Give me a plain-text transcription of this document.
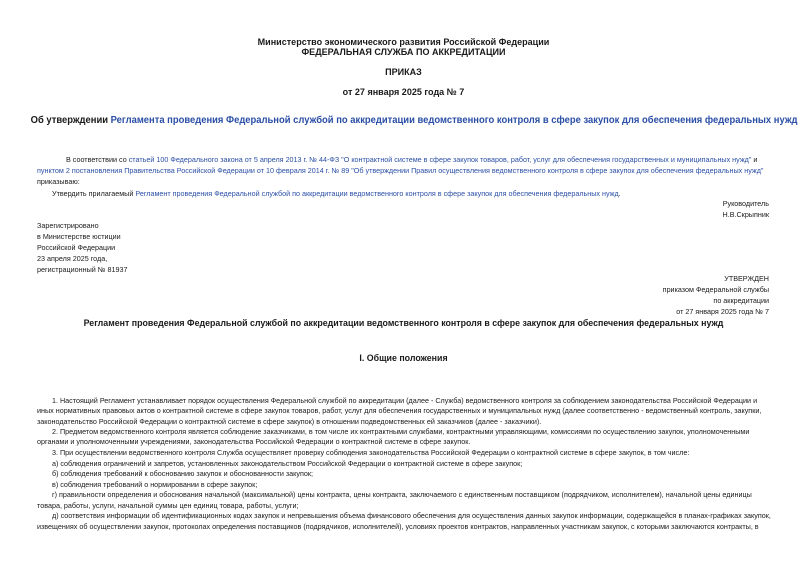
Министерство экономического развития Российской Федерации
ФЕДЕРАЛЬНАЯ СЛУЖБА ПО АККРЕДИТАЦИИ
ПРИКАЗ
от 27 января 2025 года № 7
Об утверждении Регламента проведения Федеральной службой по аккредитации ведомственного контроля в сфере закупок для обеспечения федеральных нужд
В соответствии со статьей 100 Федерального закона от 5 апреля 2013 г. № 44-ФЗ "О контрактной системе в сфере закупок товаров, работ, услуг для обеспечения государственных и муниципальных нужд" и
пунктом 2 постановления Правительства Российской Федерации от 10 февраля 2014 г. № 89 "Об утверждении Правил осуществления ведомственного контроля в сфере закупок для обеспечения федеральных нужд"
приказываю:
Утвердить прилагаемый Регламент проведения Федеральной службой по аккредитации ведомственного контроля в сфере закупок для обеспечения федеральных нужд.
Руководитель
Н.В.Скрыпник
Зарегистрировано
в Министерстве юстиции
Российской Федерации
23 апреля 2025 года,
регистрационный № 81937
УТВЕРЖДЕН
приказом Федеральной службы
по аккредитации
от 27 января 2025 года № 7
Регламент проведения Федеральной службой по аккредитации ведомственного контроля в сфере закупок для обеспечения федеральных нужд
I. Общие положения
1. Настоящий Регламент устанавливает порядок осуществления Федеральной службой по аккредитации (далее - Служба) ведомственного контроля за соблюдением законодательства Российской Федерации и
иных нормативных правовых актов о контрактной системе в сфере закупок товаров, работ, услуг для обеспечения государственных и муниципальных нужд (далее соответственно - ведомственный контроль, закупки,
законодательство Российской Федерации о контрактной системе в сфере закупок) в отношении подведомственных ей заказчиков (далее - заказчики).
2. Предметом ведомственного контроля является соблюдение заказчиками, в том числе их контрактными службами, контрактными управляющими, комиссиями по осуществлению закупок, уполномоченными
органами и уполномоченными учреждениями, законодательства Российской Федерации о контрактной системе в сфере закупок.
3. При осуществлении ведомственного контроля Служба осуществляет проверку соблюдения законодательства Российской Федерации о контрактной системе в сфере закупок, в том числе:
а) соблюдения ограничений и запретов, установленных законодательством Российской Федерации о контрактной системе в сфере закупок;
б) соблюдения требований к обоснованию закупок и обоснованности закупок;
в) соблюдения требований о нормировании в сфере закупок;
г) правильности определения и обоснования начальной (максимальной) цены контракта, цены контракта, заключаемого с единственным поставщиком (подрядчиком, исполнителем), начальной цены единицы
товара, работы, услуги, начальной суммы цен единиц товара, работы, услуги;
д) соответствия информации об идентификационных кодах закупок и непревышения объема финансового обеспечения для осуществления данных закупок информации, содержащейся в планах-графиках закупок,
извещениях об осуществлении закупок, протоколах определения поставщиков (подрядчиков, исполнителей), условиях проектов контрактов, направленных участникам закупок, с которыми заключаются контракты, в
